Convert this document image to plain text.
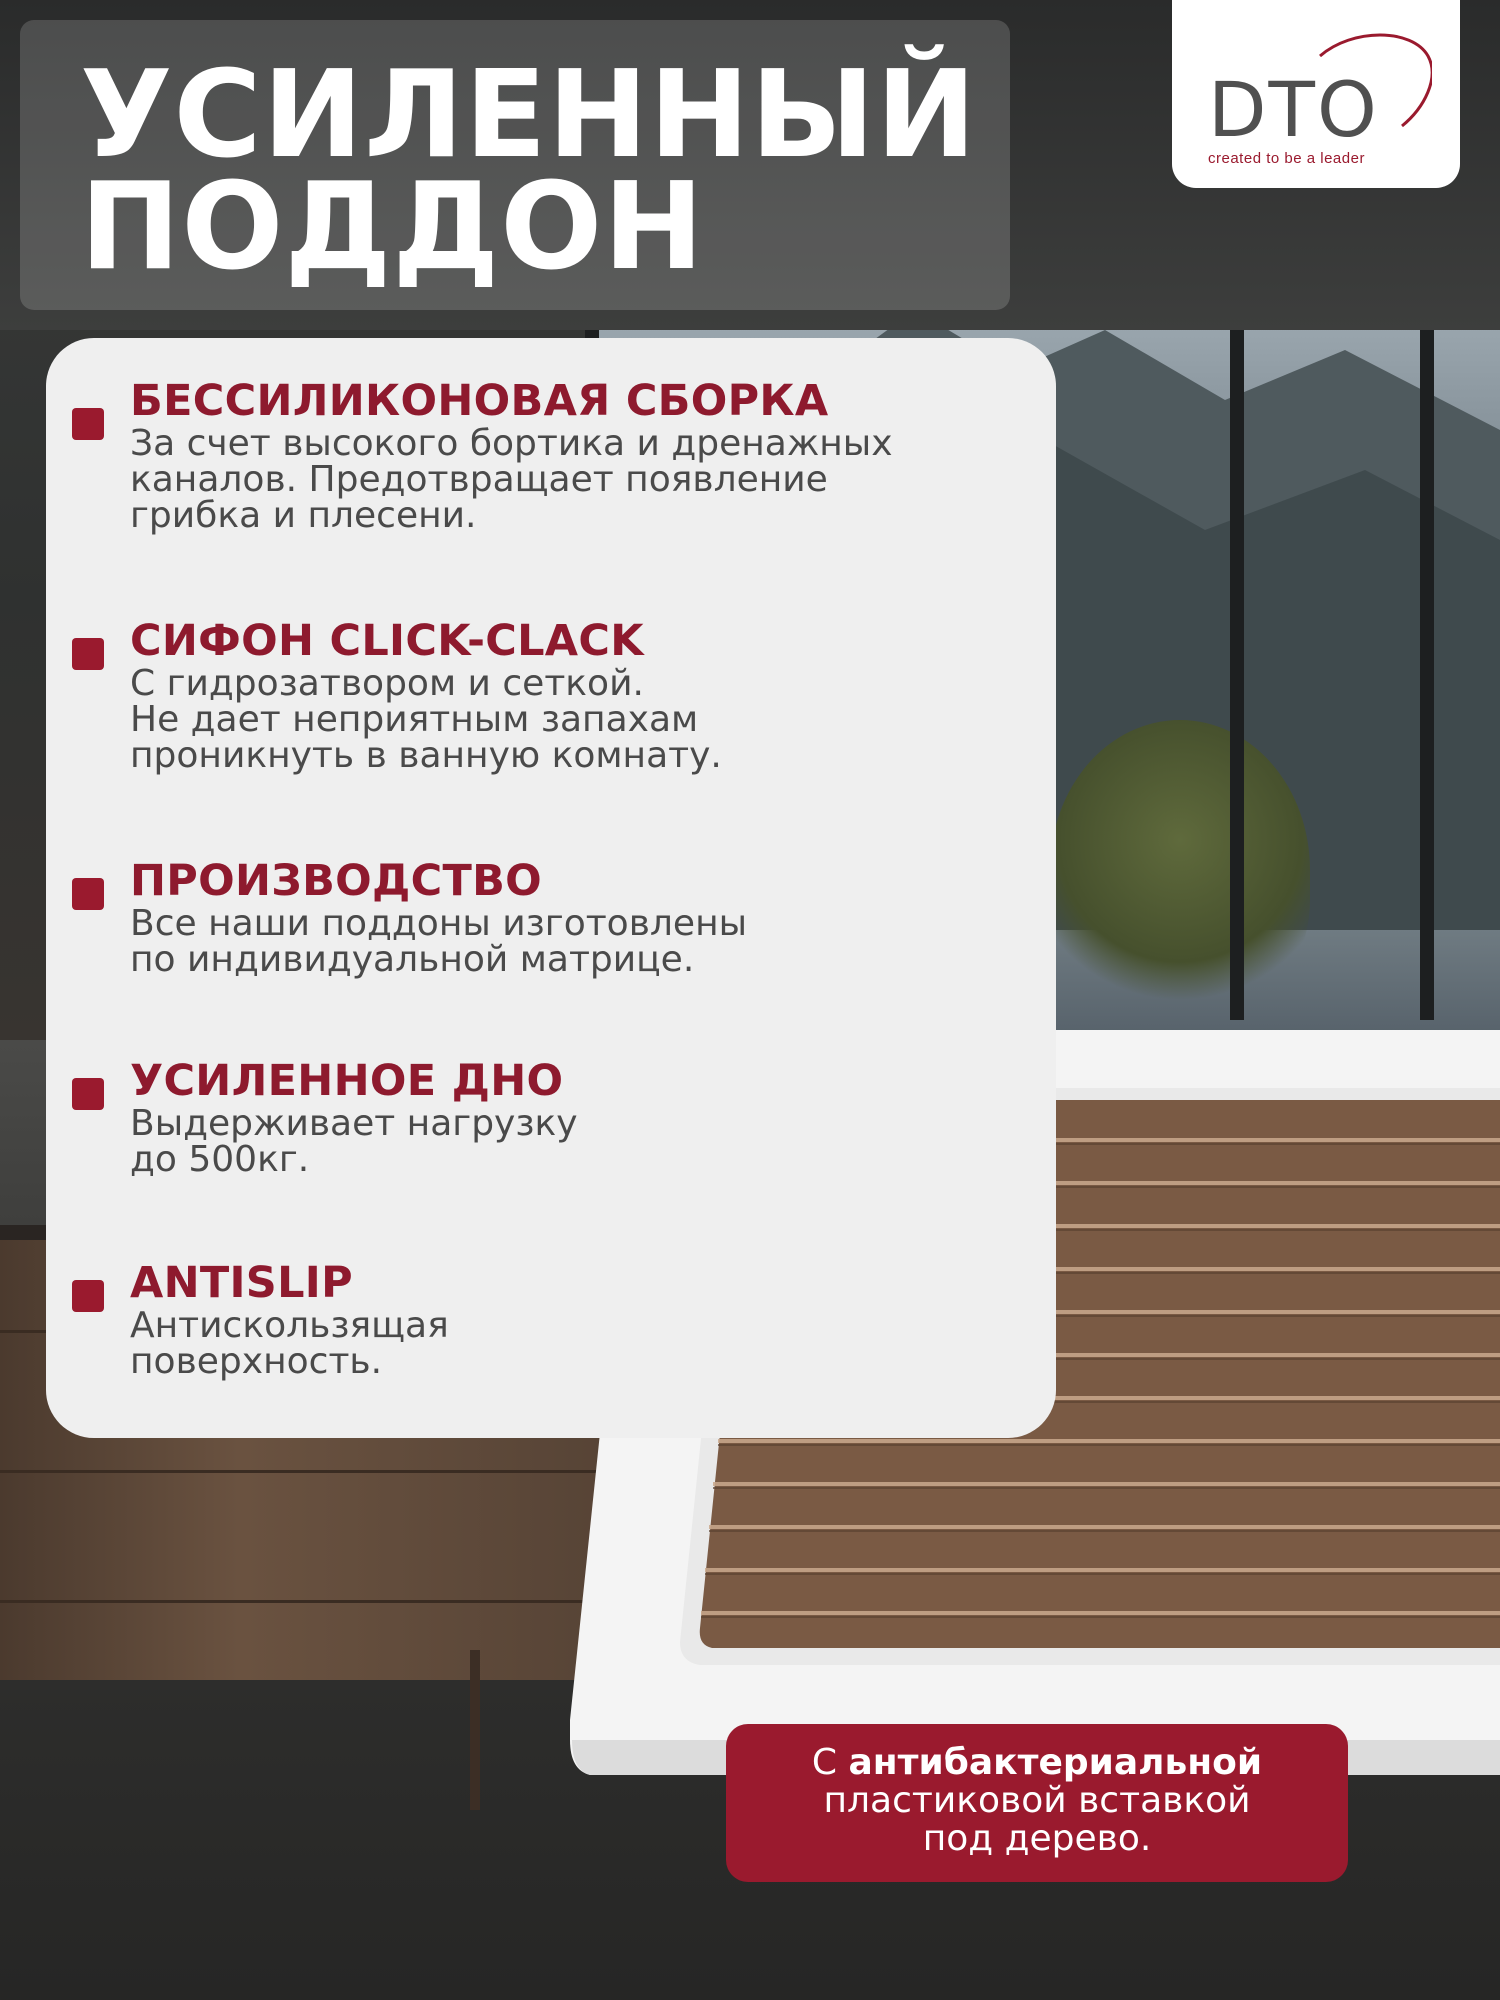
УСИЛЕННЫЙ
ПОДДОН

DTO

created to be a leader

БЕССИЛИКОНОВАЯ СБОРКА

За счет высокого бортика и дренажных
каналов. Предотвращает появление
грибка и плесени.

СИФОН CLICK-CLACK

С гидрозатвором и сеткой.
Не дает неприятным запахам
проникнуть в ванную комнату.

ПРОИЗВОДСТВО

Все наши поддоны изготовлены
по индивидуальной матрице.

УСИЛЕННОЕ ДНО

Выдерживает нагрузку
до 500кг.

ANTISLIP

Антискользящая
поверхность.

С антибактериальной
пластиковой вставкой
под дерево.
